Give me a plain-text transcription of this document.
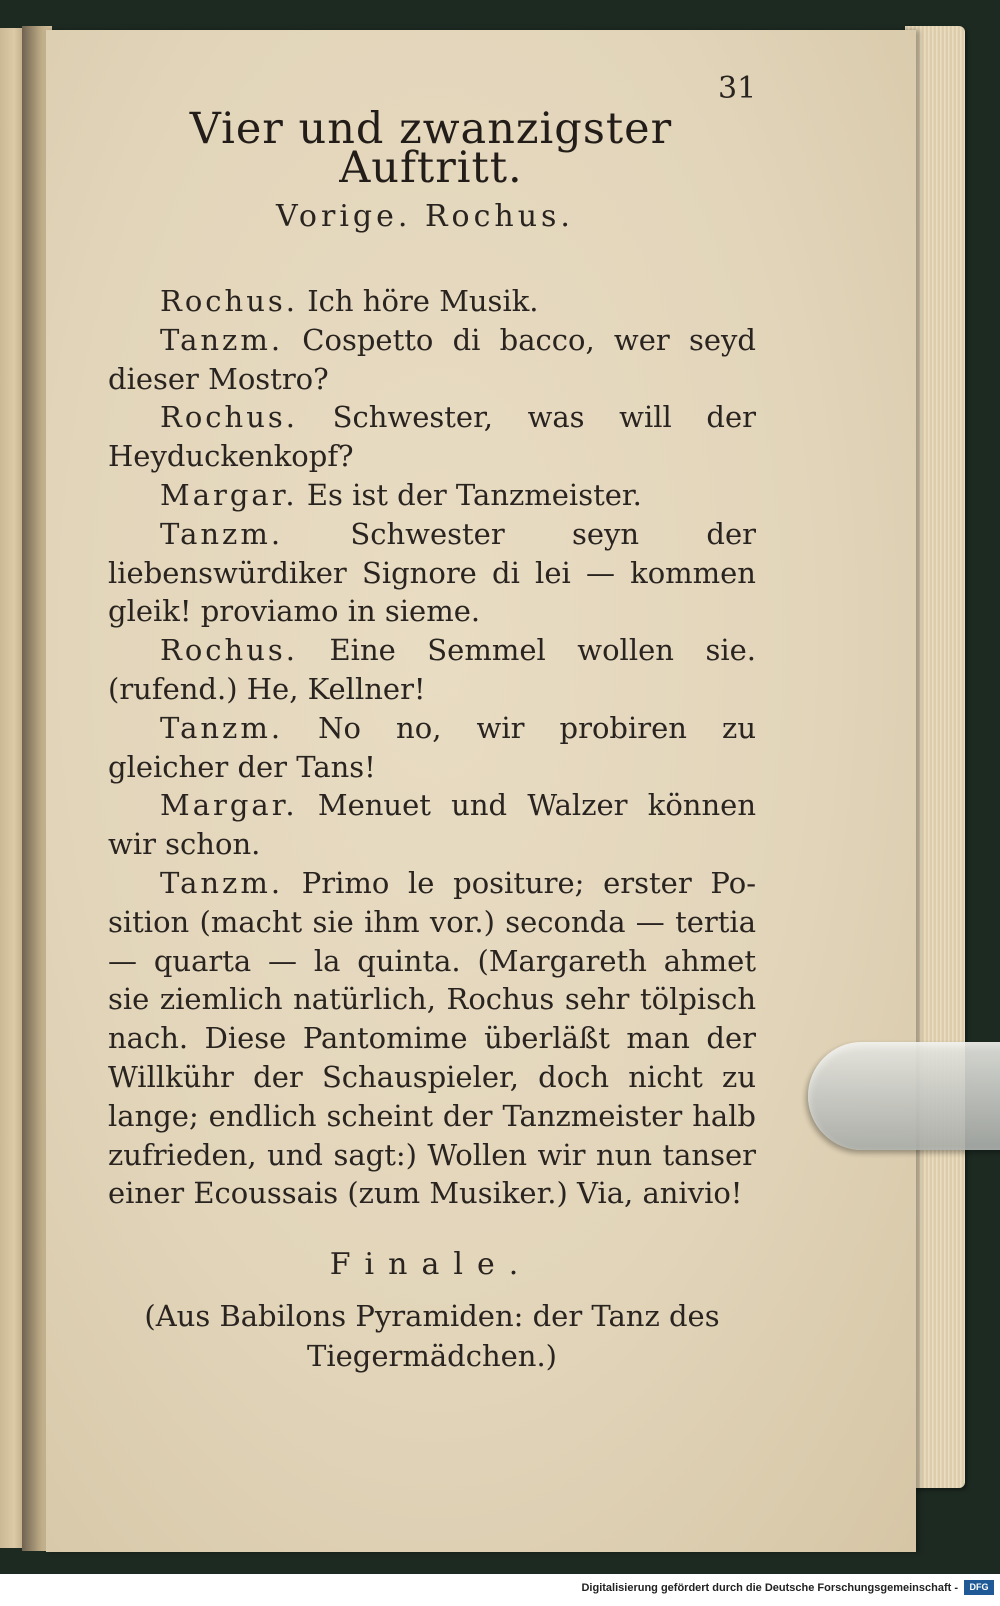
31
Vier und zwanzigster Auftritt.
Vorige. Rochus.

Rochus. Ich höre Musik.

Tanzm. Cospetto di bacco, wer seyd dieser Mostro?

Rochus. Schwester, was will der Heyduckenkopf?

Margar. Es ist der Tanzmeister.

Tanzm. Schwester seyn der liebenswürdiker Signore di lei — kommen gleik! proviamo in sieme.

Rochus. Eine Semmel wollen sie. (rufend.) He, Kellner!

Tanzm. No no, wir probiren zu gleicher der Tans!

Margar. Menuet und Walzer können wir schon.

Tanzm. Primo le positure; erster Position (macht sie ihm vor.) seconda — tertia — quarta — la quinta. (Margareth ahmet sie ziemlich natürlich, Rochus sehr tölpisch nach. Diese Pantomime überläßt man der Willkühr der Schauspieler, doch nicht zu lange; endlich scheint der Tanzmeister halb zufrieden, und sagt:) Wollen wir nun tanser einer Ecoussais (zum Musiker.) Via, anivio!

Finale.
(Aus Babilons Pyramiden: der Tanz des Tiegermädchen.)
Digitalisierung gefördert durch die Deutsche Forschungsgemeinschaft -	DFG
